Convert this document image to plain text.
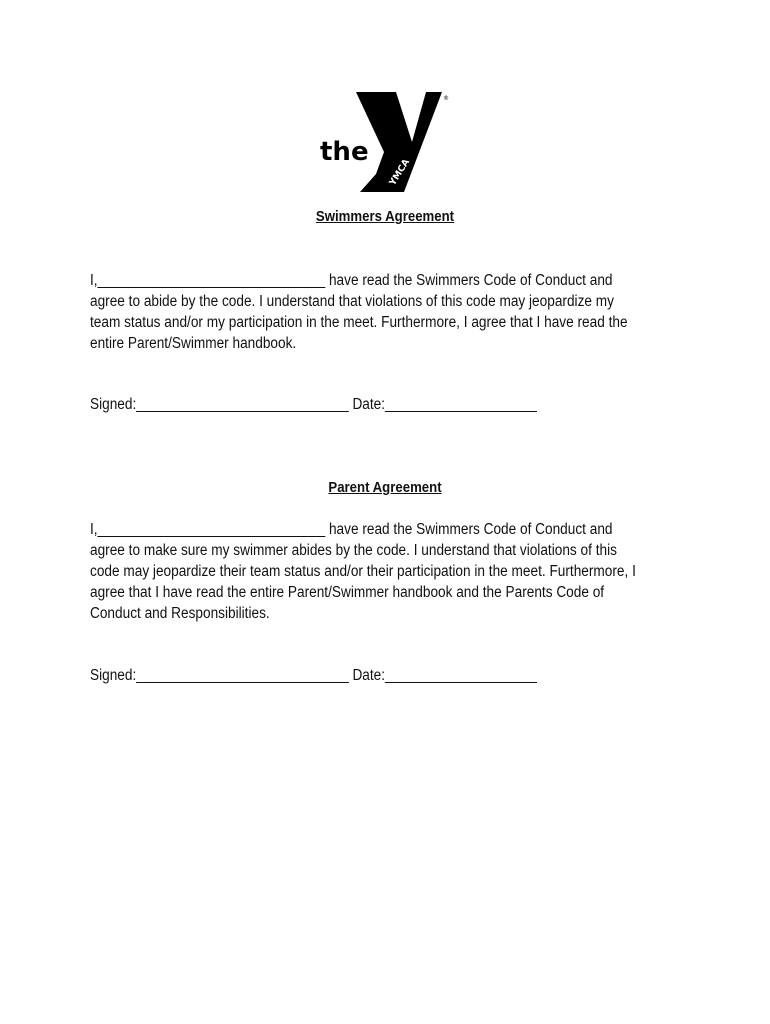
the
YMCA
®
Swimmers Agreement

I,______________________________ have read the Swimmers Code of Conduct and

agree to abide by the code. I understand that violations of this code may jeopardize my

team status and/or my participation in the meet. Furthermore, I agree that I have read the

entire Parent/Swimmer handbook.

Signed:____________________________ Date:____________________
Parent Agreement

I,______________________________ have read the Swimmers Code of Conduct and

agree to make sure my swimmer abides by the code. I understand that violations of this

code may jeopardize their team status and/or their participation in the meet. Furthermore, I

agree that I have read the entire Parent/Swimmer handbook and the Parents Code of

Conduct and Responsibilities.

Signed:____________________________ Date:____________________
